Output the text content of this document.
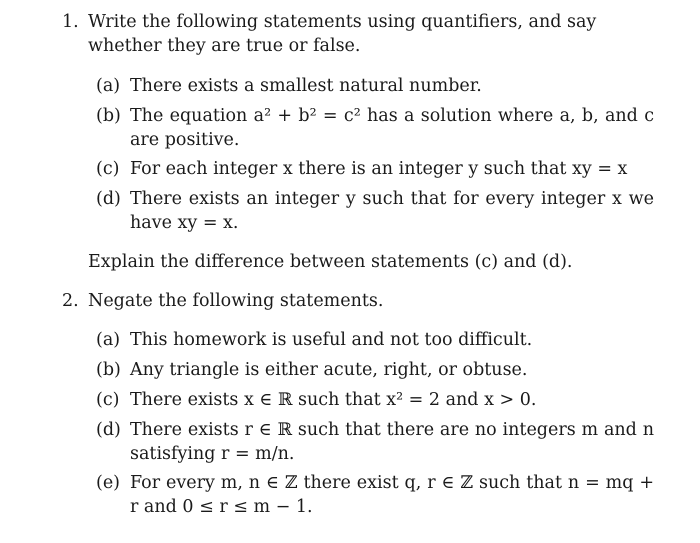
1. Write the following statements using quantifiers, and say whether they are true or false.
(a) There exists a smallest natural number.
(b) The equation a² + b² = c² has a solution where a, b, and c are positive.
(c) For each integer x there is an integer y such that xy = x
(d) There exists an integer y such that for every integer x we have xy = x.
Explain the difference between statements (c) and (d).
2. Negate the following statements.
(a) This homework is useful and not too difficult.
(b) Any triangle is either acute, right, or obtuse.
(c) There exists x ∈ ℝ such that x² = 2 and x > 0.
(d) There exists r ∈ ℝ such that there are no integers m and n satisfying r = m/n.
(e) For every m, n ∈ ℤ there exist q, r ∈ ℤ such that n = mq + r and 0 ≤ r ≤ m − 1.
